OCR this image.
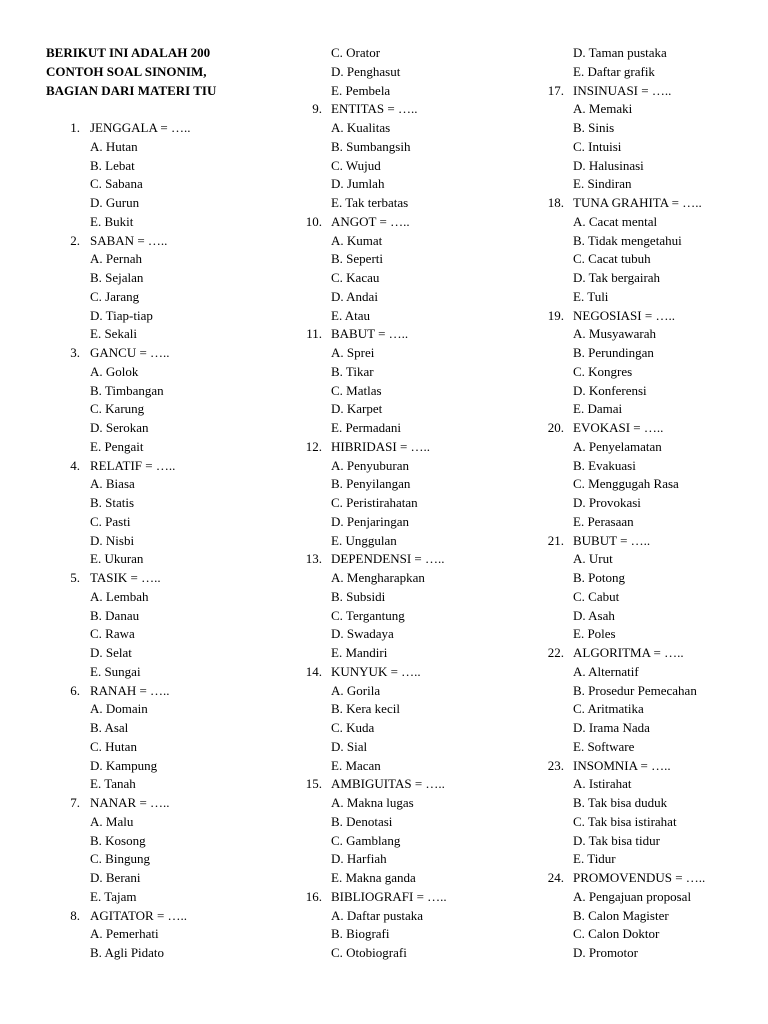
BERIKUT INI ADALAH 200
CONTOH SOAL SINONIM,
BAGIAN DARI MATERI TIU
1. JENGGALA = …..
A. Hutan
B. Lebat
C. Sabana
D. Gurun
E. Bukit
2. SABAN = …..
A. Pernah
B. Sejalan
C. Jarang
D. Tiap-tiap
E. Sekali
3. GANCU = …..
A. Golok
B. Timbangan
C. Karung
D. Serokan
E. Pengait
4. RELATIF = …..
A. Biasa
B. Statis
C. Pasti
D. Nisbi
E. Ukuran
5. TASIK = …..
A. Lembah
B. Danau
C. Rawa
D. Selat
E. Sungai
6. RANAH = …..
A. Domain
B. Asal
C. Hutan
D. Kampung
E. Tanah
7. NANAR = …..
A. Malu
B. Kosong
C. Bingung
D. Berani
E. Tajam
8. AGITATOR = …..
A. Pemerhati
B. Agli Pidato
C. Orator
D. Penghasut
E. Pembela
9. ENTITAS = …..
A. Kualitas
B. Sumbangsih
C. Wujud
D. Jumlah
E. Tak terbatas
10. ANGOT = …..
A. Kumat
B. Seperti
C. Kacau
D. Andai
E. Atau
11. BABUT = …..
A. Sprei
B. Tikar
C. Matlas
D. Karpet
E. Permadani
12. HIBRIDASI = …..
A. Penyuburan
B. Penyilangan
C. Peristirahatan
D. Penjaringan
E. Unggulan
13. DEPENDENSI = …..
A. Mengharapkan
B. Subsidi
C. Tergantung
D. Swadaya
E. Mandiri
14. KUNYUK = …..
A. Gorila
B. Kera kecil
C. Kuda
D. Sial
E. Macan
15. AMBIGUITAS = …..
A. Makna lugas
B. Denotasi
C. Gamblang
D. Harfiah
E. Makna ganda
16. BIBLIOGRAFI = …..
A. Daftar pustaka
B. Biografi
C. Otobiografi
D. Taman pustaka
E. Daftar grafik
17. INSINUASI = …..
A. Memaki
B. Sinis
C. Intuisi
D. Halusinasi
E. Sindiran
18. TUNA GRAHITA = …..
A. Cacat mental
B. Tidak mengetahui
C. Cacat tubuh
D. Tak bergairah
E. Tuli
19. NEGOSIASI = …..
A. Musyawarah
B. Perundingan
C. Kongres
D. Konferensi
E. Damai
20. EVOKASI = …..
A. Penyelamatan
B. Evakuasi
C. Menggugah Rasa
D. Provokasi
E. Perasaan
21. BUBUT = …..
A. Urut
B. Potong
C. Cabut
D. Asah
E. Poles
22. ALGORITMA = …..
A. Alternatif
B. Prosedur Pemecahan
C. Aritmatika
D. Irama Nada
E. Software
23. INSOMNIA = …..
A. Istirahat
B. Tak bisa duduk
C. Tak bisa istirahat
D. Tak bisa tidur
E. Tidur
24. PROMOVENDUS = …..
A. Pengajuan proposal
B. Calon Magister
C. Calon Doktor
D. Promotor
